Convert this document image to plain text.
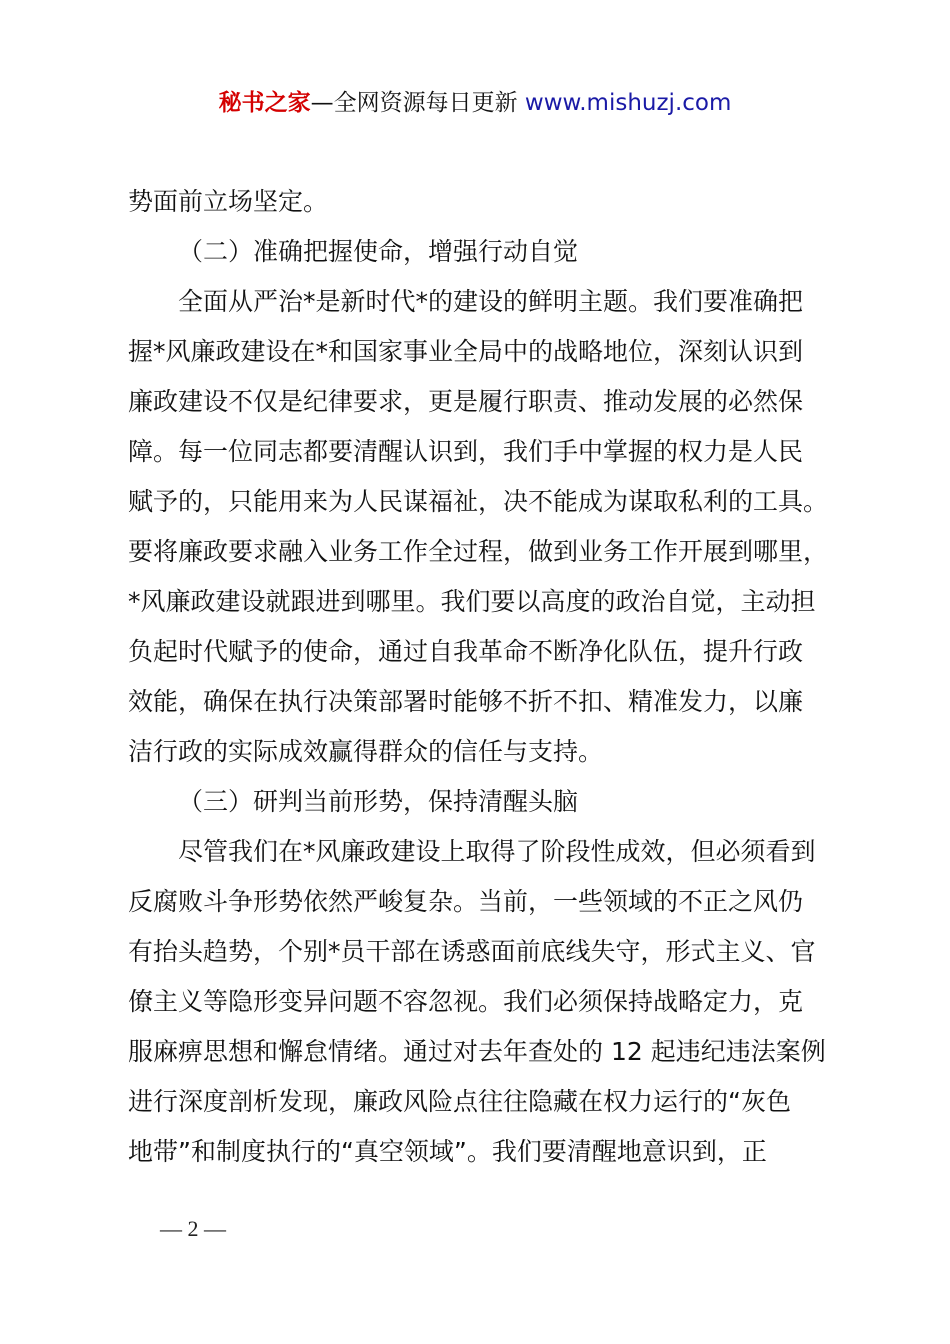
秘书之家—全网资源每日更新 www.mishuzj.com
势面前立场坚定。
（二）准确把握使命，增强行动自觉
全面从严治*是新时代*的建设的鲜明主题。我们要准确把
握*风廉政建设在*和国家事业全局中的战略地位，深刻认识到
廉政建设不仅是纪律要求，更是履行职责、推动发展的必然保
障。每一位同志都要清醒认识到，我们手中掌握的权力是人民
赋予的，只能用来为人民谋福祉，决不能成为谋取私利的工具。
要将廉政要求融入业务工作全过程，做到业务工作开展到哪里，
*风廉政建设就跟进到哪里。我们要以高度的政治自觉，主动担
负起时代赋予的使命，通过自我革命不断净化队伍，提升行政
效能，确保在执行决策部署时能够不折不扣、精准发力，以廉
洁行政的实际成效赢得群众的信任与支持。
（三）研判当前形势，保持清醒头脑
尽管我们在*风廉政建设上取得了阶段性成效，但必须看到
反腐败斗争形势依然严峻复杂。当前，一些领域的不正之风仍
有抬头趋势，个别*员干部在诱惑面前底线失守，形式主义、官
僚主义等隐形变异问题不容忽视。我们必须保持战略定力，克
服麻痹思想和懈怠情绪。通过对去年查处的 12 起违纪违法案例
进行深度剖析发现，廉政风险点往往隐藏在权力运行的“灰色
地带”和制度执行的“真空领域”。我们要清醒地意识到，正
— 2 —
